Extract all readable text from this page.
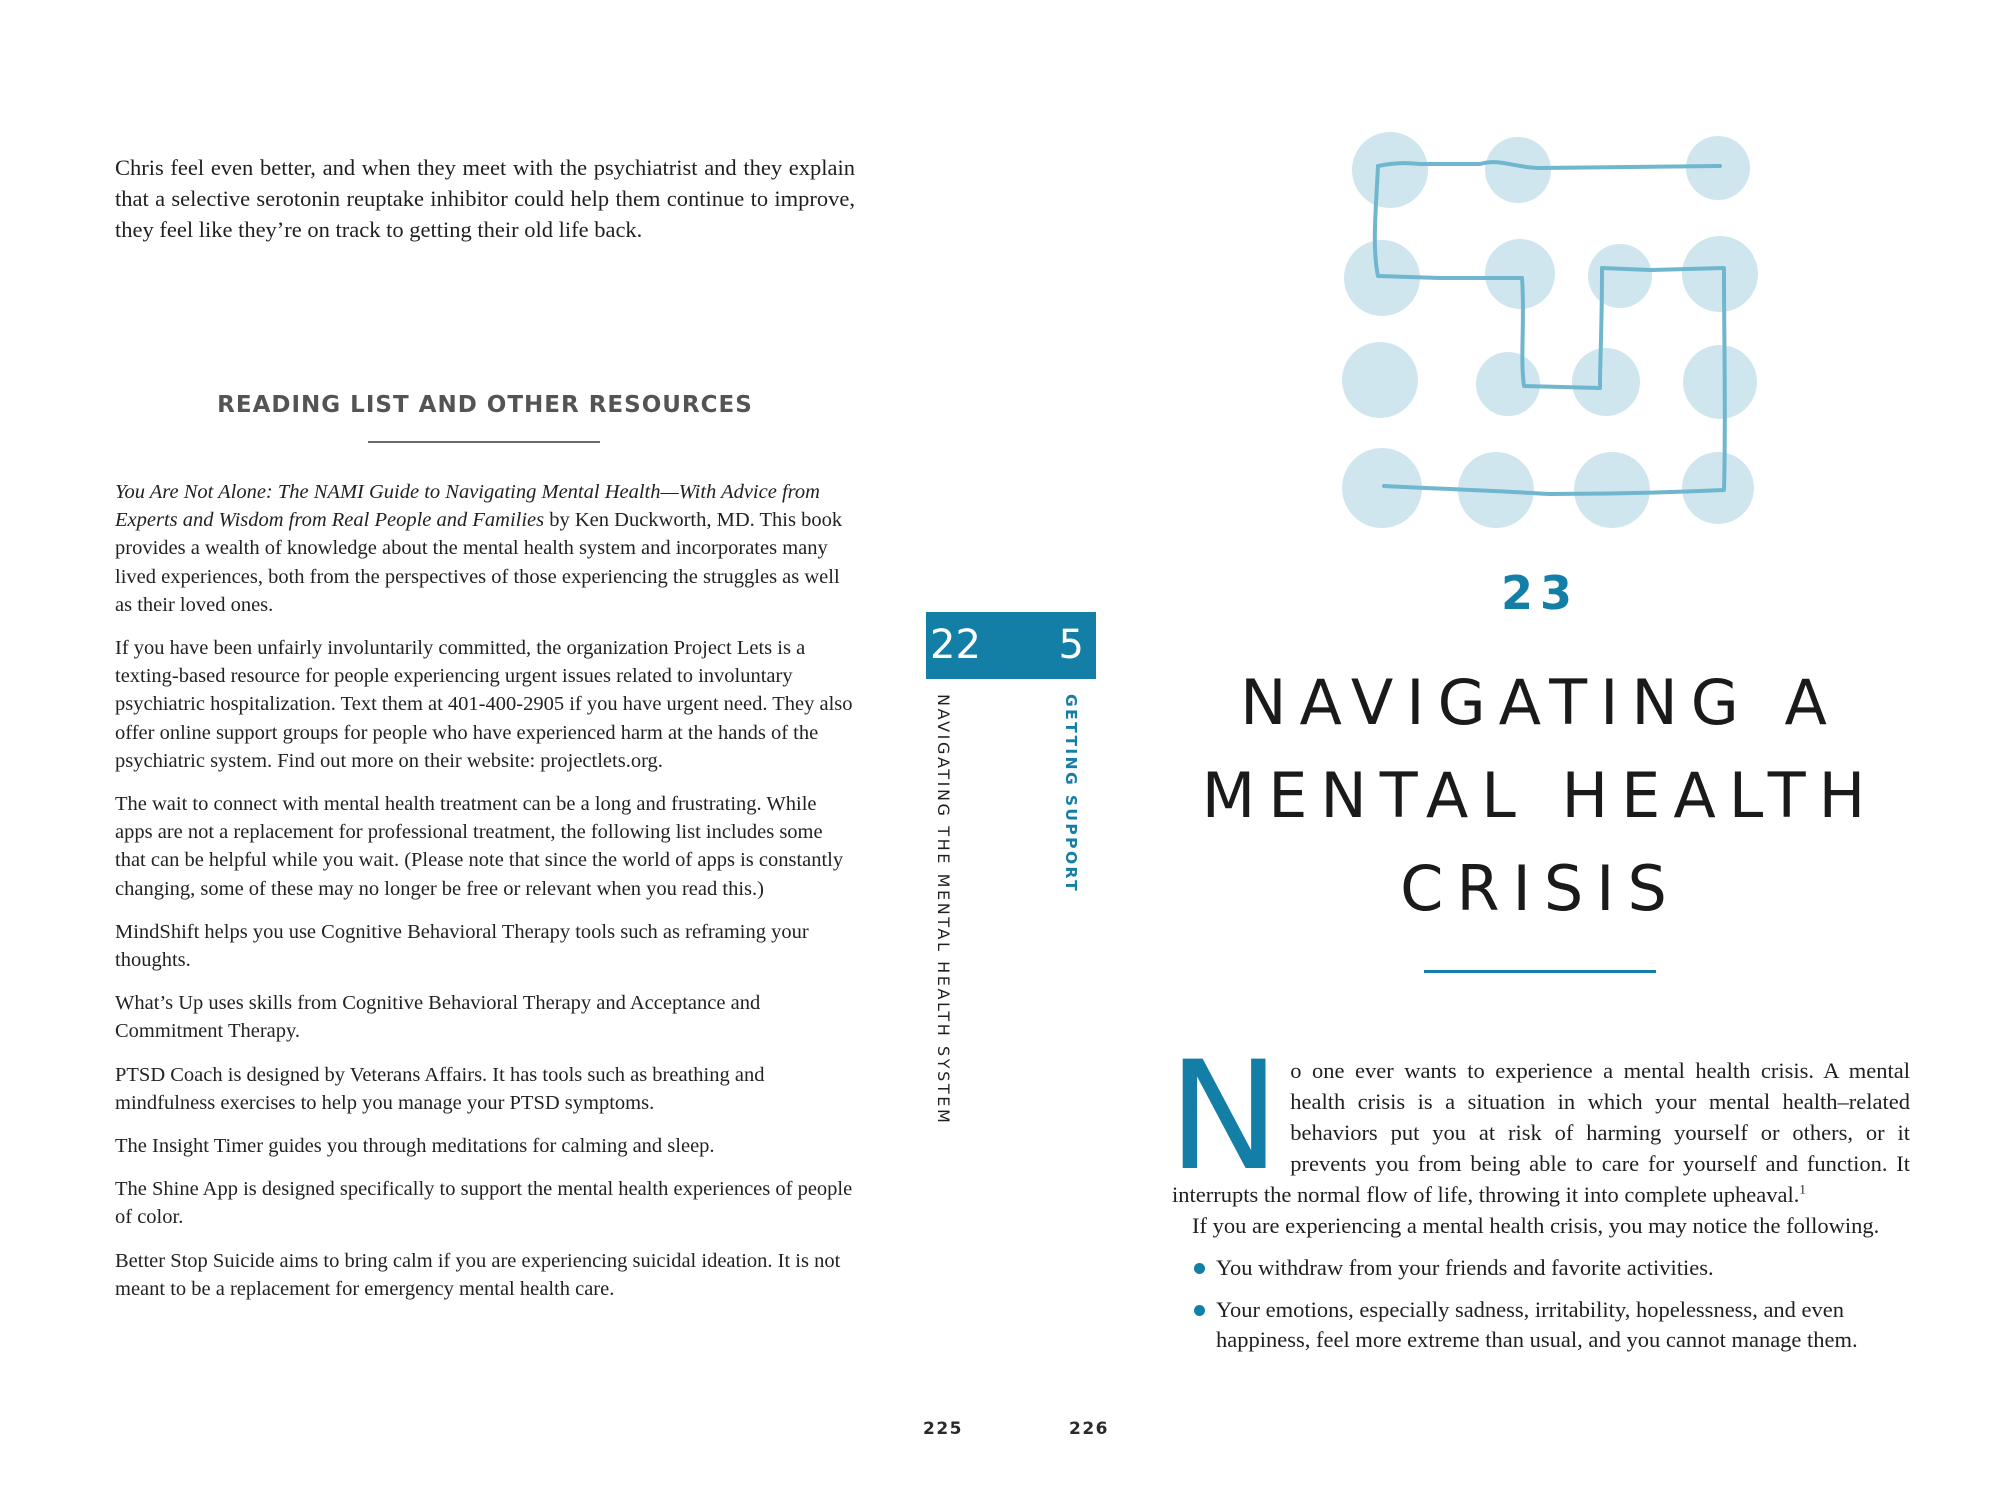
Chris feel even better, and when they meet with the psychiatrist and they explain that a selective serotonin reuptake inhibitor could help them continue to improve, they feel like they’re on track to getting their old life back.

READING LIST AND OTHER RESOURCES

You Are Not Alone: The NAMI Guide to Navigating Mental Health—With Advice from Experts and Wisdom from Real People and Families by Ken Duckworth, MD. This book provides a wealth of knowledge about the mental health system and incorporates many lived experiences, both from the perspectives of those experiencing the struggles as well as their loved ones.

If you have been unfairly involuntarily committed, the organization Project Lets is a texting-based resource for people experiencing urgent issues related to involuntary psychiatric hospitalization. Text them at 401-400-2905 if you have urgent need. They also offer online support groups for people who have experienced harm at the hands of the psychiatric system. Find out more on their website: projectlets.org.

The wait to connect with mental health treatment can be a long and frustrating. While apps are not a replacement for professional treatment, the following list includes some that can be helpful while you wait. (Please note that since the world of apps is constantly changing, some of these may no longer be free or relevant when you read this.)

MindShift helps you use Cognitive Behavioral Therapy tools such as reframing your thoughts.

What’s Up uses skills from Cognitive Behavioral Therapy and Acceptance and Commitment Therapy.

PTSD Coach is designed by Veterans Affairs. It has tools such as breathing and mindfulness exercises to help you manage your PTSD symptoms.

The Insight Timer guides you through meditations for calming and sleep.

The Shine App is designed specifically to support the mental health experiences of people of color.

Better Stop Suicide aims to bring calm if you are experiencing suicidal ideation. It is not meant to be a replacement for emergency mental health care.

225
22	5
NAVIGATING THE MENTAL HEALTH SYSTEM	GETTING SUPPORT
23
NAVIGATING A
MENTAL HEALTH
CRISIS

No one ever wants to experience a mental health crisis. A mental health crisis is a situation in which your mental health–related behaviors put you at risk of harming yourself or others, or it prevents you from being able to care for yourself and function. It interrupts the normal flow of life, throwing it into complete upheaval.$^1$

If you are experiencing a mental health crisis, you may notice the following.

You withdraw from your friends and favorite activities.
Your emotions, especially sadness, irritability, hopelessness, and even happiness, feel more extreme than usual, and you cannot manage them.
226
